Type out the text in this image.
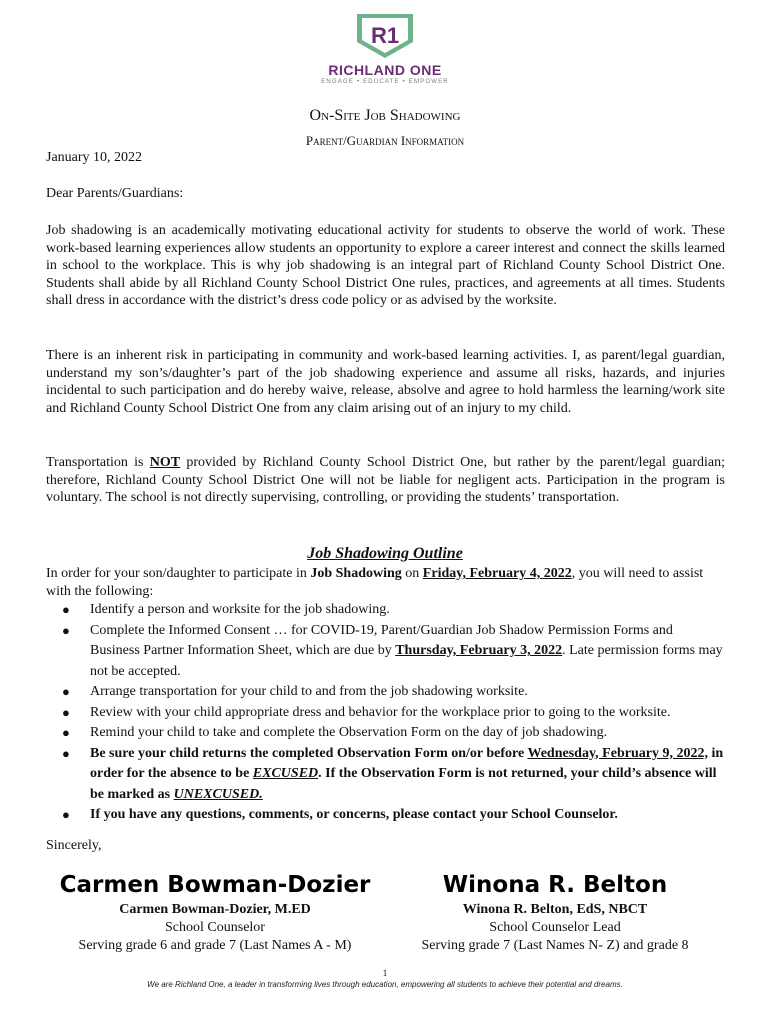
R1
RICHLAND ONE
ENGAGE • EDUCATE • EMPOWER
On-Site Job Shadowing
Parent/Guardian Information
January 10, 2022
Dear Parents/Guardians:

Job shadowing is an academically motivating educational activity for students to observe the world of work. These work-based learning experiences allow students an opportunity to explore a career interest and connect the skills learned in school to the workplace. This is why job shadowing is an integral part of Richland County School District One. Students shall abide by all Richland County School District One rules, practices, and agreements at all times. Students shall dress in accordance with the district’s dress code policy or as advised by the worksite.

There is an inherent risk in participating in community and work-based learning activities. I, as parent/legal guardian, understand my son’s/daughter’s part of the job shadowing experience and assume all risks, hazards, and injuries incidental to such participation and do hereby waive, release, absolve and agree to hold harmless the learning/work site and Richland County School District One from any claim arising out of an injury to my child.

Transportation is NOT provided by Richland County School District One, but rather by the parent/legal guardian; therefore, Richland County School District One will not be liable for negligent acts. Participation in the program is voluntary. The school is not directly supervising, controlling, or providing the students’ transportation.

Job Shadowing Outline

In order for your son/daughter to participate in Job Shadowing on Friday, February 4, 2022, you will need to assist with the following:

● Identify a person and worksite for the job shadowing.
● Complete the Informed Consent … for COVID-19, Parent/Guardian Job Shadow Permission Forms and Business Partner Information Sheet, which are due by Thursday, February 3, 2022. Late permission forms may not be accepted.
● Arrange transportation for your child to and from the job shadowing worksite.
● Review with your child appropriate dress and behavior for the workplace prior to going to the worksite.
● Remind your child to take and complete the Observation Form on the day of job shadowing.
● Be sure your child returns the completed Observation Form on/or before Wednesday, February 9, 2022, in order for the absence to be EXCUSED. If the Observation Form is not returned, your child’s absence will be marked as UNEXCUSED.
● If you have any questions, comments, or concerns, please contact your School Counselor.
Sincerely,
Carmen Bowman-Dozier
Carmen Bowman-Dozier, M.ED
School Counselor
Serving grade 6 and grade 7 (Last Names A - M)
Winona R. Belton
Winona R. Belton, EdS, NBCT
School Counselor Lead
Serving grade 7 (Last Names N- Z) and grade 8
1
We are Richland One, a leader in transforming lives through education, empowering all students to achieve their potential and dreams.
